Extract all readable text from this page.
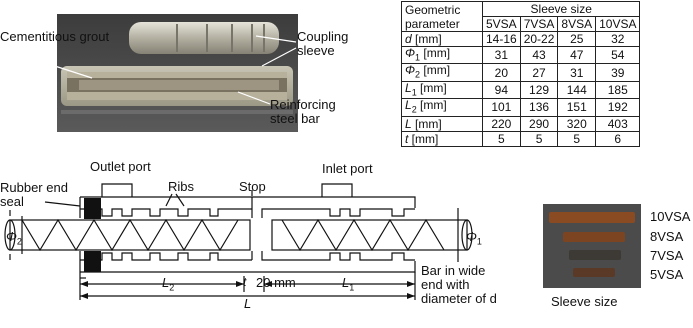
Cementitious grout	Coupling sleeve
Reinforcing steel bar
Geometric parameter	Sleeve size			
	5VSA	7VSA	8VSA	10VSA
d [mm]	14-16	20-22	25	32
$\Phi_1$ [mm]	31	43	47	54
$\Phi_2$ [mm]	20	27	31	39
$L_1$ [mm]	94	129	144	185
$L_2$ [mm]	101	136	151	192
L [mm]	220	290	320	403
t [mm]	5	5	5	6
Outlet port	Inlet port
Rubber end seal
Ribs	Stop
$\Phi_2$	$\Phi_1$
$L_2$	$L_1$
L
t 20 mm
Bar in wide end with diameter of d
10VSA
8VSA
7VSA
5VSA
Sleeve size
